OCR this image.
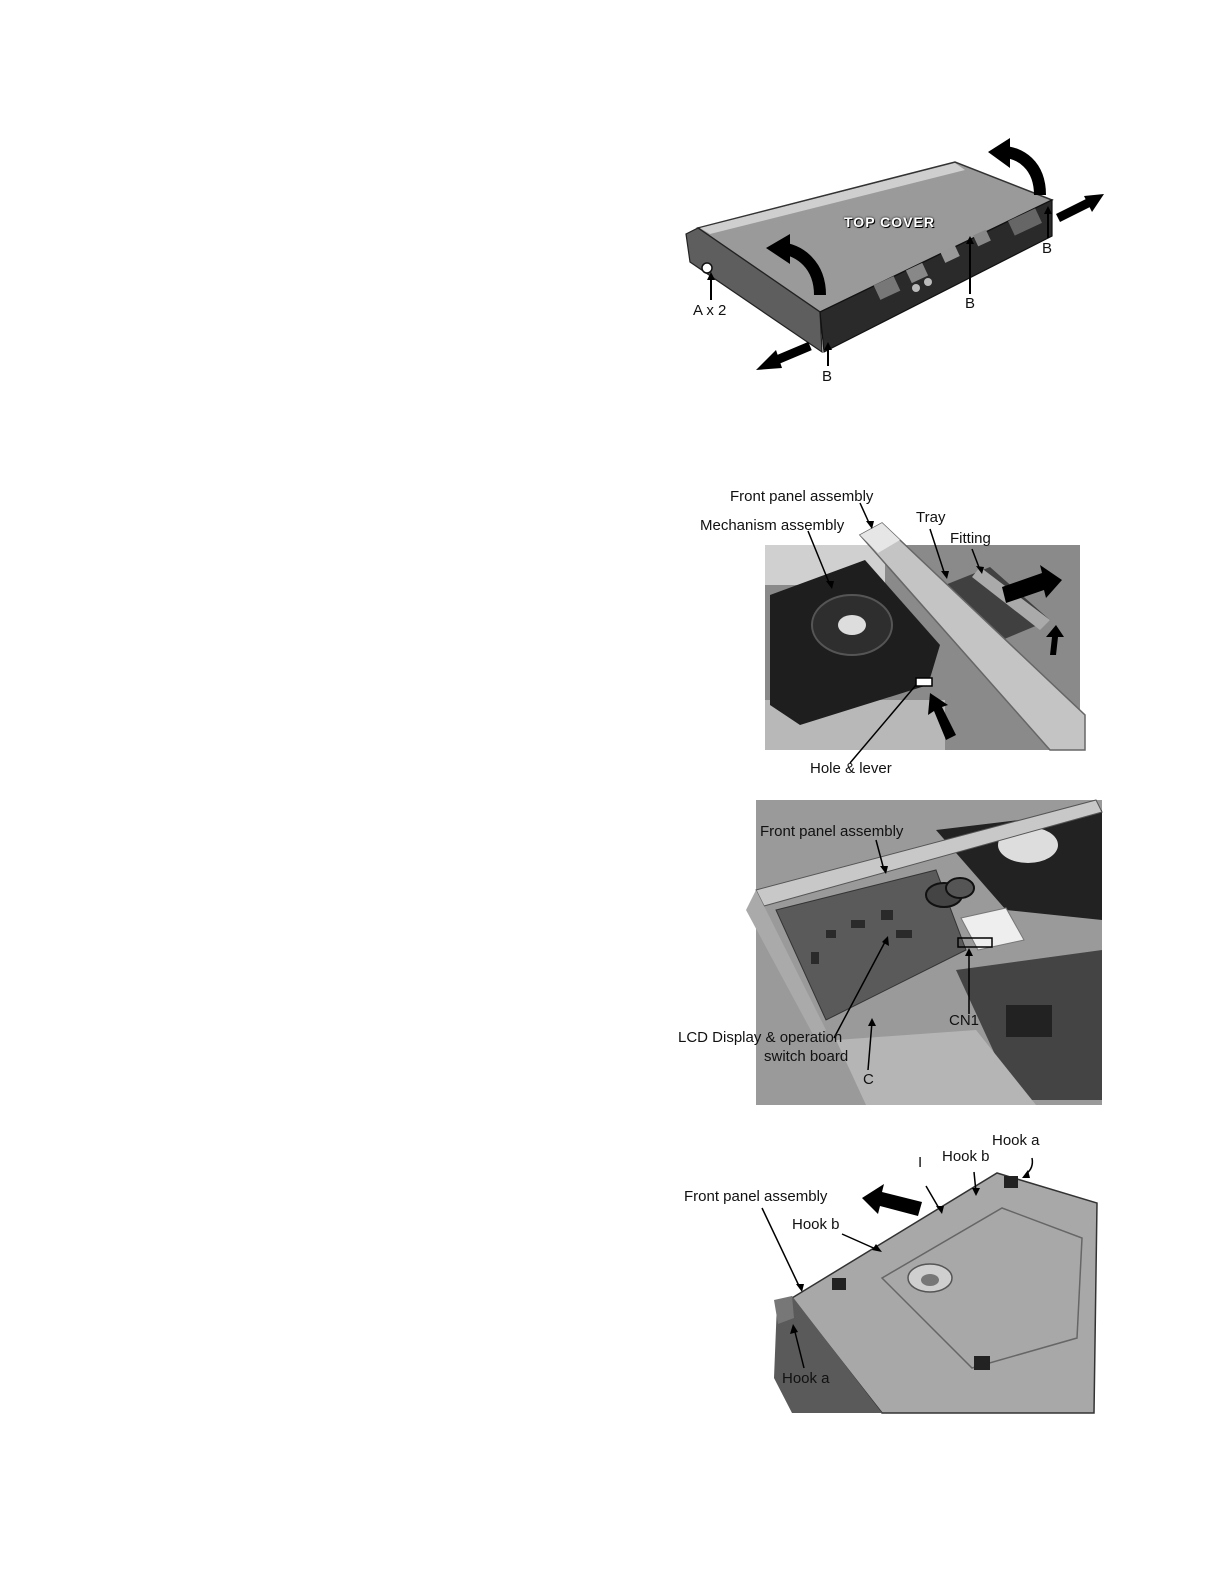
TOP COVER
A x 2
B
B
B
Front panel assembly
Mechanism assembly	Tray
Fitting
Hole & lever
Front panel assembly
LCD Display & operation
switch board
C
CN1
Hook a
Hook b
I
Front panel assembly
Hook b
Hook a
